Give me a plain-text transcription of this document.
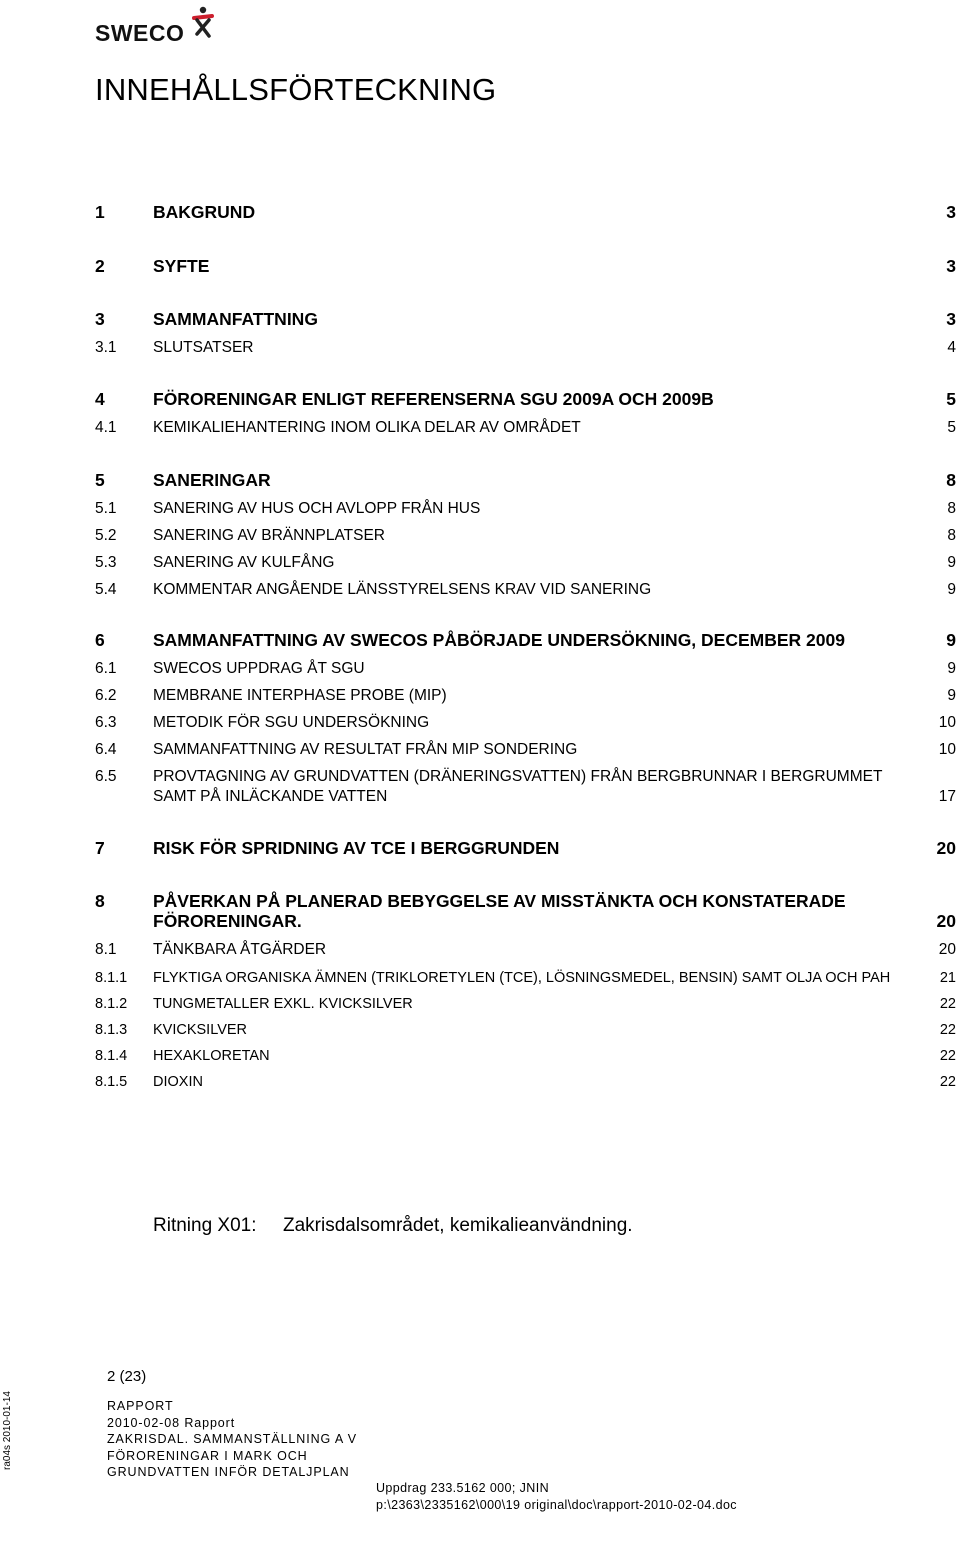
SWECO
INNEHÅLLSFÖRTECKNING
1	BAKGRUND	3
2	SYFTE	3
3	SAMMANFATTNING	3
3.1 SLUTSATSER	4
4	FÖRORENINGAR ENLIGT REFERENSERNA SGU 2009A OCH 2009B	5
4.1 KEMIKALIEHANTERING INOM OLIKA DELAR AV OMRÅDET	5
5	SANERINGAR	8
5.1 SANERING AV HUS OCH AVLOPP FRÅN HUS	8
5.2 SANERING AV BRÄNNPLATSER	8
5.3 SANERING AV KULFÅNG	9
5.4 KOMMENTAR ANGÅENDE LÄNSSTYRELSENS KRAV VID SANERING	9
6	SAMMANFATTNING AV SWECOS PÅBÖRJADE UNDERSÖKNING, DECEMBER 2009	9
6.1 SWECOS UPPDRAG ÅT SGU	9
6.2 MEMBRANE INTERPHASE PROBE (MIP)	9
6.3 METODIK FÖR SGU UNDERSÖKNING	10
6.4 SAMMANFATTNING AV RESULTAT FRÅN MIP SONDERING	10
6.5 PROVTAGNING AV GRUNDVATTEN (DRÄNERINGSVATTEN) FRÅN BERGBRUNNAR I BERGRUMMET
SAMT PÅ INLÄCKANDE VATTEN	17
7	RISK FÖR SPRIDNING AV TCE I BERGGRUNDEN	20
8	PÅVERKAN PÅ PLANERAD BEBYGGELSE AV MISSTÄNKTA OCH KONSTATERADE
FÖRORENINGAR.	20
8.1 TÄNKBARA ÅTGÄRDER	20
8.1.1 FLYKTIGA ORGANISKA ÄMNEN (TRIKLORETYLEN (TCE), LÖSNINGSMEDEL, BENSIN) SAMT OLJA OCH PAH	21
8.1.2 TUNGMETALLER EXKL. KVICKSILVER	22
8.1.3 KVICKSILVER	22
8.1.4 HEXAKLORETAN	22
8.1.5 DIOXIN	22
Ritning X01: Zakrisdalsområdet, kemikalieanvändning.
2 (23)
ra04s 2010-01-14	RAPPORT
2010-02-08 Rapport
ZAKRISDAL. SAMMANSTÄLLNING A V
FÖRORENINGAR I MARK OCH
GRUNDVATTEN INFÖR DETALJPLAN
Uppdrag 233.5162 000; JNIN
p:\2363\2335162\000\19 original\doc\rapport-2010-02-04.doc
